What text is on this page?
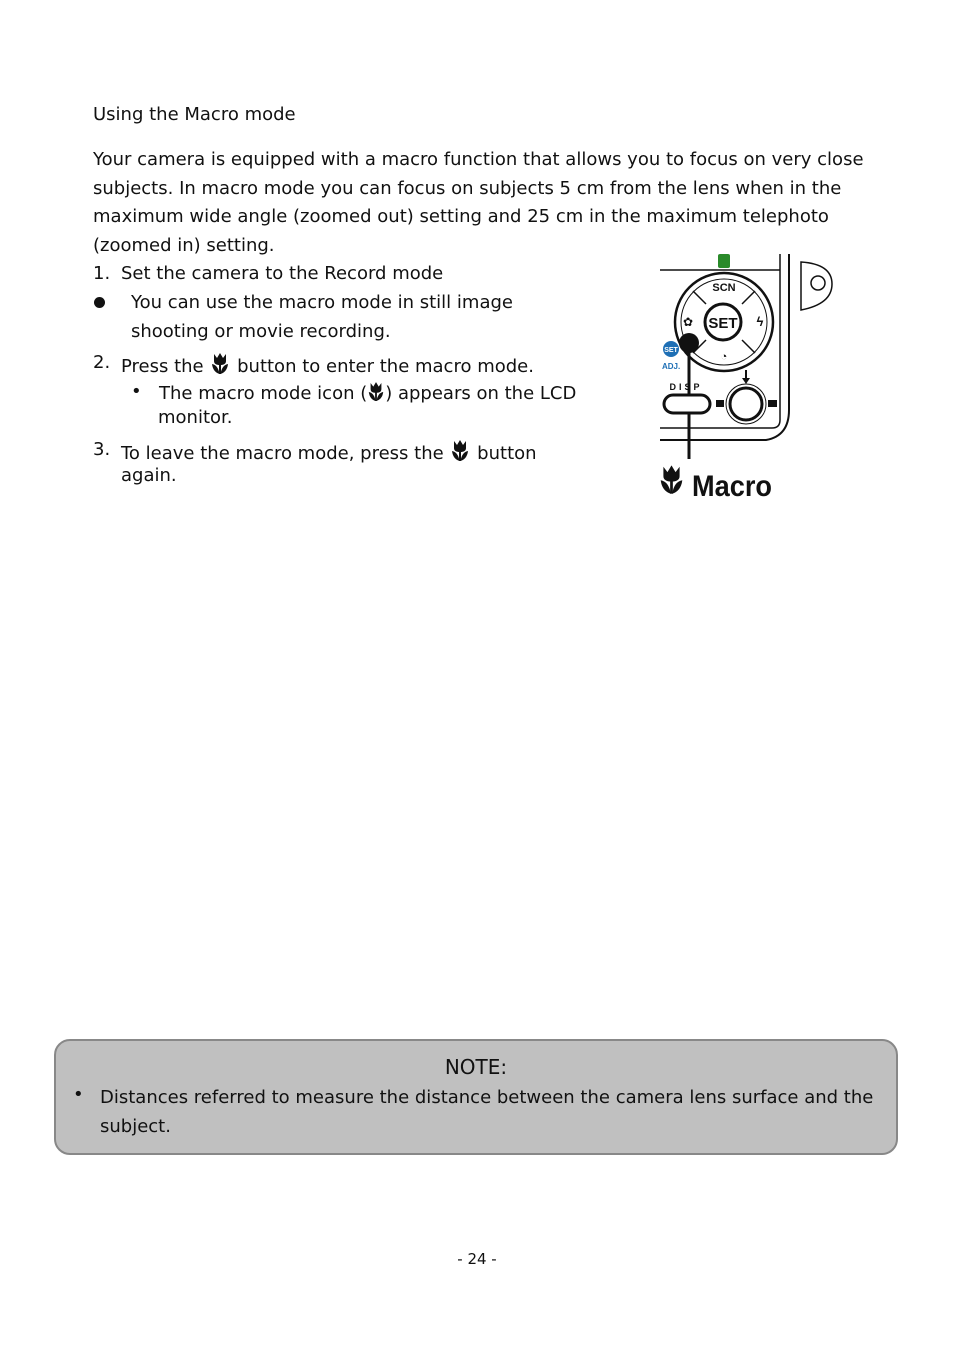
Using the Macro mode
Your camera is equipped with a macro function that allows you to focus on very close subjects. In macro mode you can focus on subjects 5 cm from the lens when in the maximum wide angle (zoomed out) setting and 25 cm in the maximum telephoto (zoomed in) setting.
1. Set the camera to the Record mode
You can use the macro mode in still image
shooting or movie recording.
2. Press the button to enter the macro mode.
• The macro mode icon ( ) appears on the LCD
monitor.
3. To leave the macro mode, press the button
again.
SCN
SET
✿	ϟ
◔
SET
ADJ.
DISP
Macro
NOTE:
• Distances referred to measure the distance between the camera lens surface and the subject.
- 24 -
